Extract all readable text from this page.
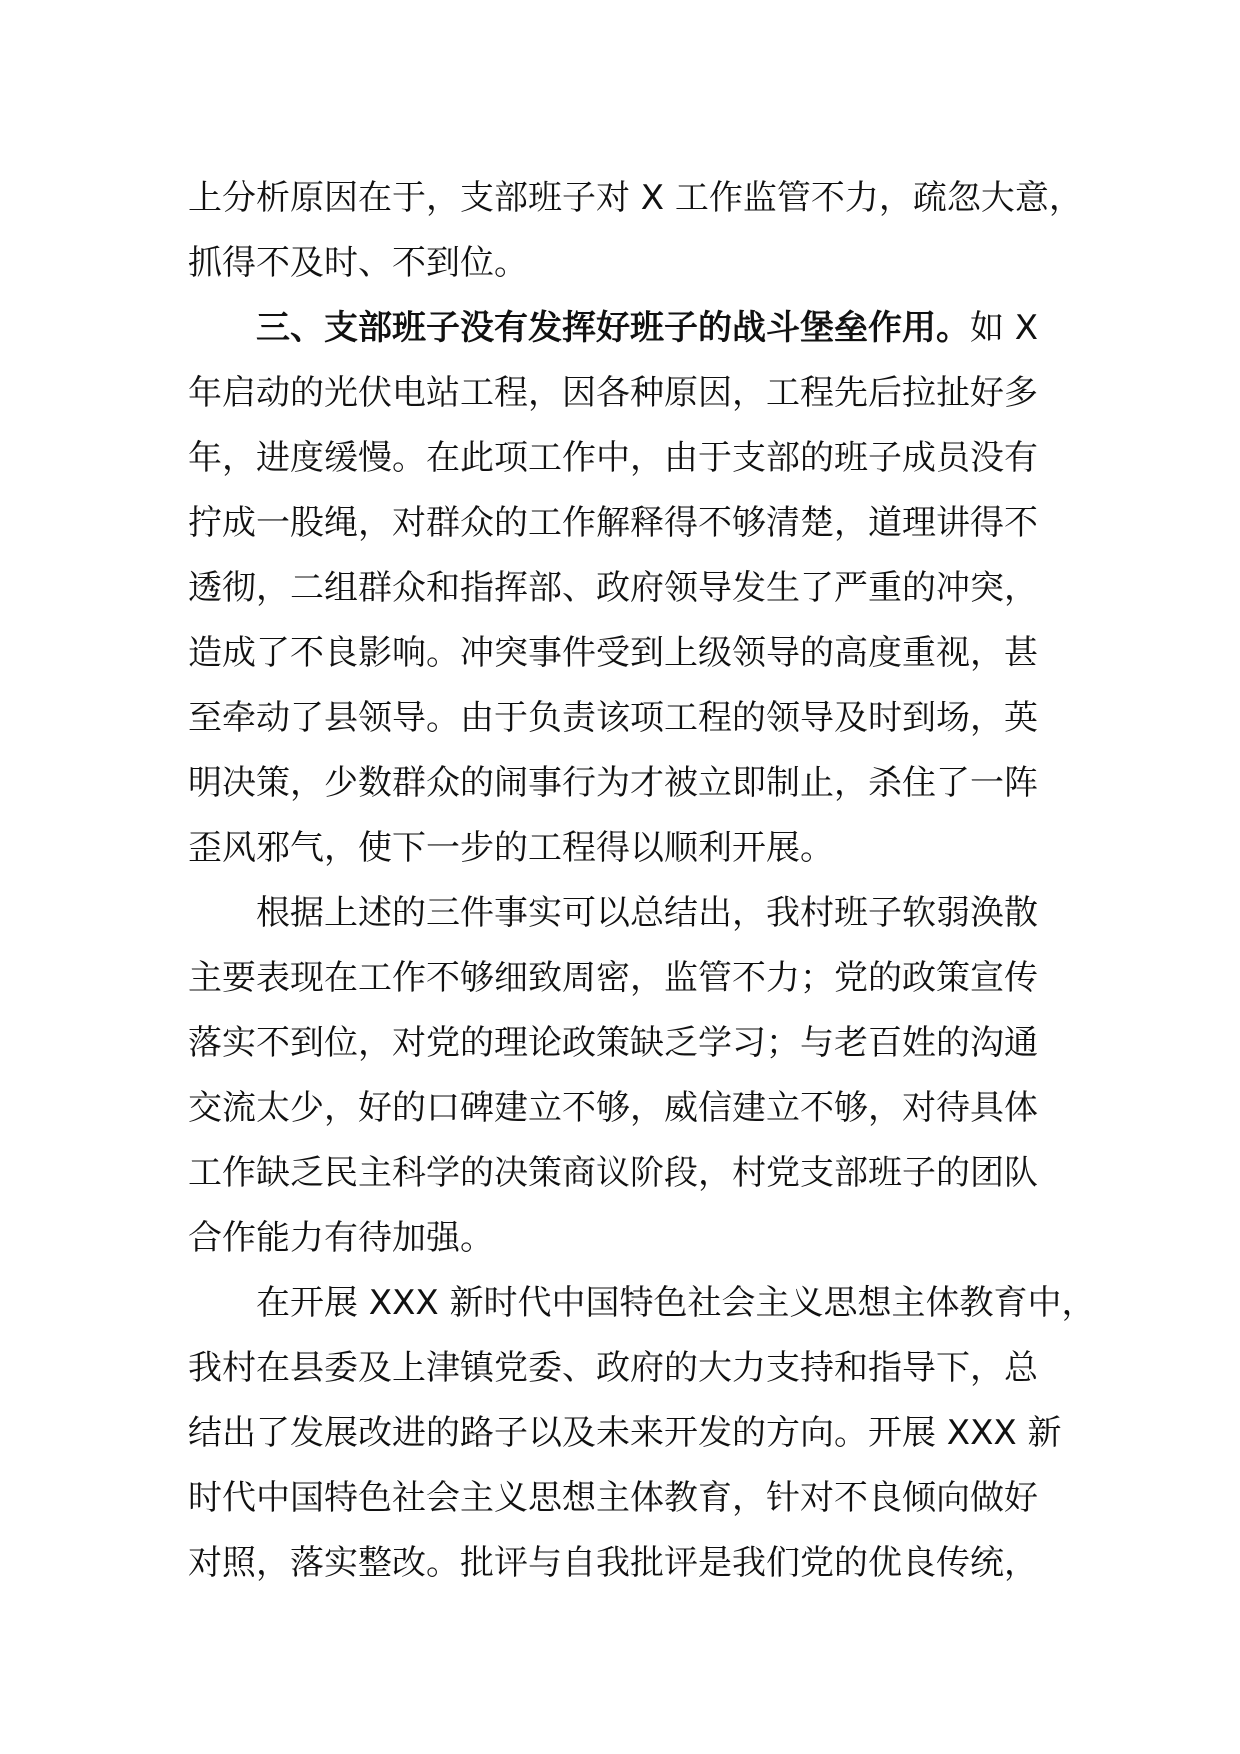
上分析原因在于，支部班子对 X 工作监管不力，疏忽大意，
抓得不及时、不到位。
三、支部班子没有发挥好班子的战斗堡垒作用。如 X
年启动的光伏电站工程，因各种原因，工程先后拉扯好多
年，进度缓慢。在此项工作中，由于支部的班子成员没有
拧成一股绳，对群众的工作解释得不够清楚，道理讲得不
透彻，二组群众和指挥部、政府领导发生了严重的冲突，
造成了不良影响。冲突事件受到上级领导的高度重视，甚
至牵动了县领导。由于负责该项工程的领导及时到场，英
明决策，少数群众的闹事行为才被立即制止，杀住了一阵
歪风邪气，使下一步的工程得以顺利开展。
根据上述的三件事实可以总结出，我村班子软弱涣散
主要表现在工作不够细致周密，监管不力；党的政策宣传
落实不到位，对党的理论政策缺乏学习；与老百姓的沟通
交流太少，好的口碑建立不够，威信建立不够，对待具体
工作缺乏民主科学的决策商议阶段，村党支部班子的团队
合作能力有待加强。
在开展 XXX 新时代中国特色社会主义思想主体教育中，
我村在县委及上津镇党委、政府的大力支持和指导下，总
结出了发展改进的路子以及未来开发的方向。开展 XXX 新
时代中国特色社会主义思想主体教育，针对不良倾向做好
对照，落实整改。批评与自我批评是我们党的优良传统，
